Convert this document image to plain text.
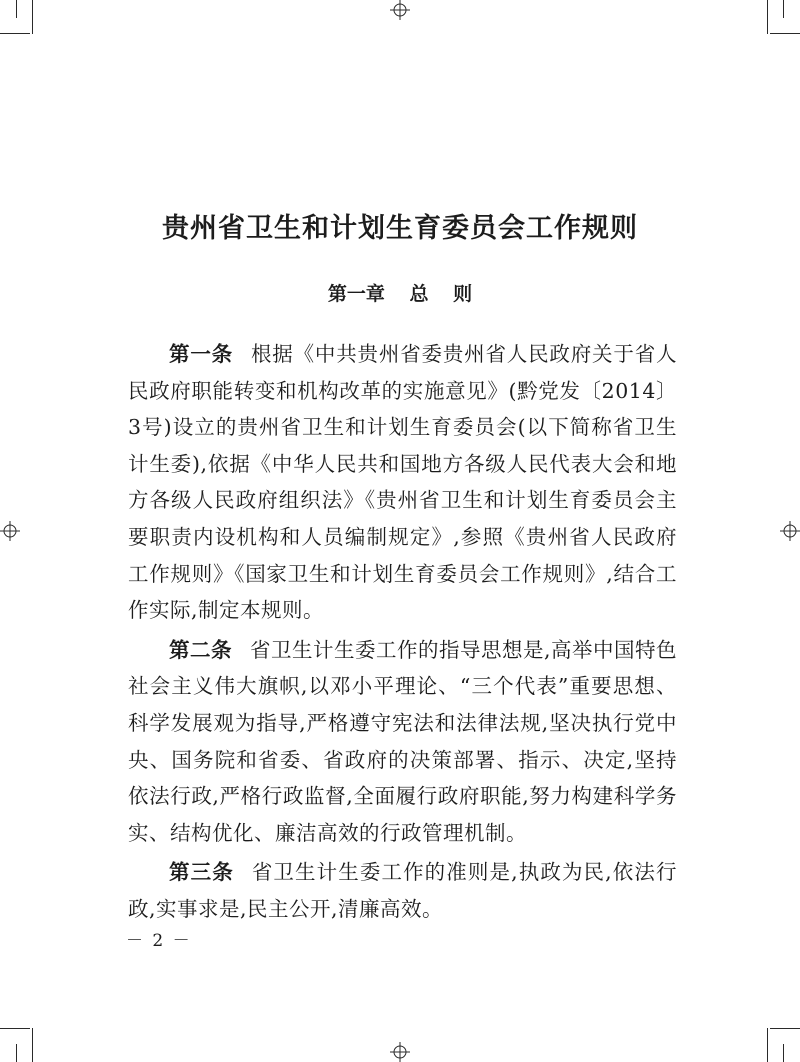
贵州省卫生和计划生育委员会工作规则
第一章 总 则

第一条 根据《中共贵州省委贵州省人民政府关于省人民政府职能转变和机构改革的实施意见》(黔党发〔2014〕3号)设立的贵州省卫生和计划生育委员会(以下简称省卫生计生委),依据《中华人民共和国地方各级人民代表大会和地方各级人民政府组织法》《贵州省卫生和计划生育委员会主要职责内设机构和人员编制规定》,参照《贵州省人民政府工作规则》《国家卫生和计划生育委员会工作规则》,结合工作实际,制定本规则。

第二条 省卫生计生委工作的指导思想是,高举中国特色社会主义伟大旗帜,以邓小平理论、“三个代表”重要思想、科学发展观为指导,严格遵守宪法和法律法规,坚决执行党中央、国务院和省委、省政府的决策部署、指示、决定,坚持依法行政,严格行政监督,全面履行政府职能,努力构建科学务实、结构优化、廉洁高效的行政管理机制。

第三条 省卫生计生委工作的准则是,执政为民,依法行政,实事求是,民主公开,清廉高效。

－ 2 －
